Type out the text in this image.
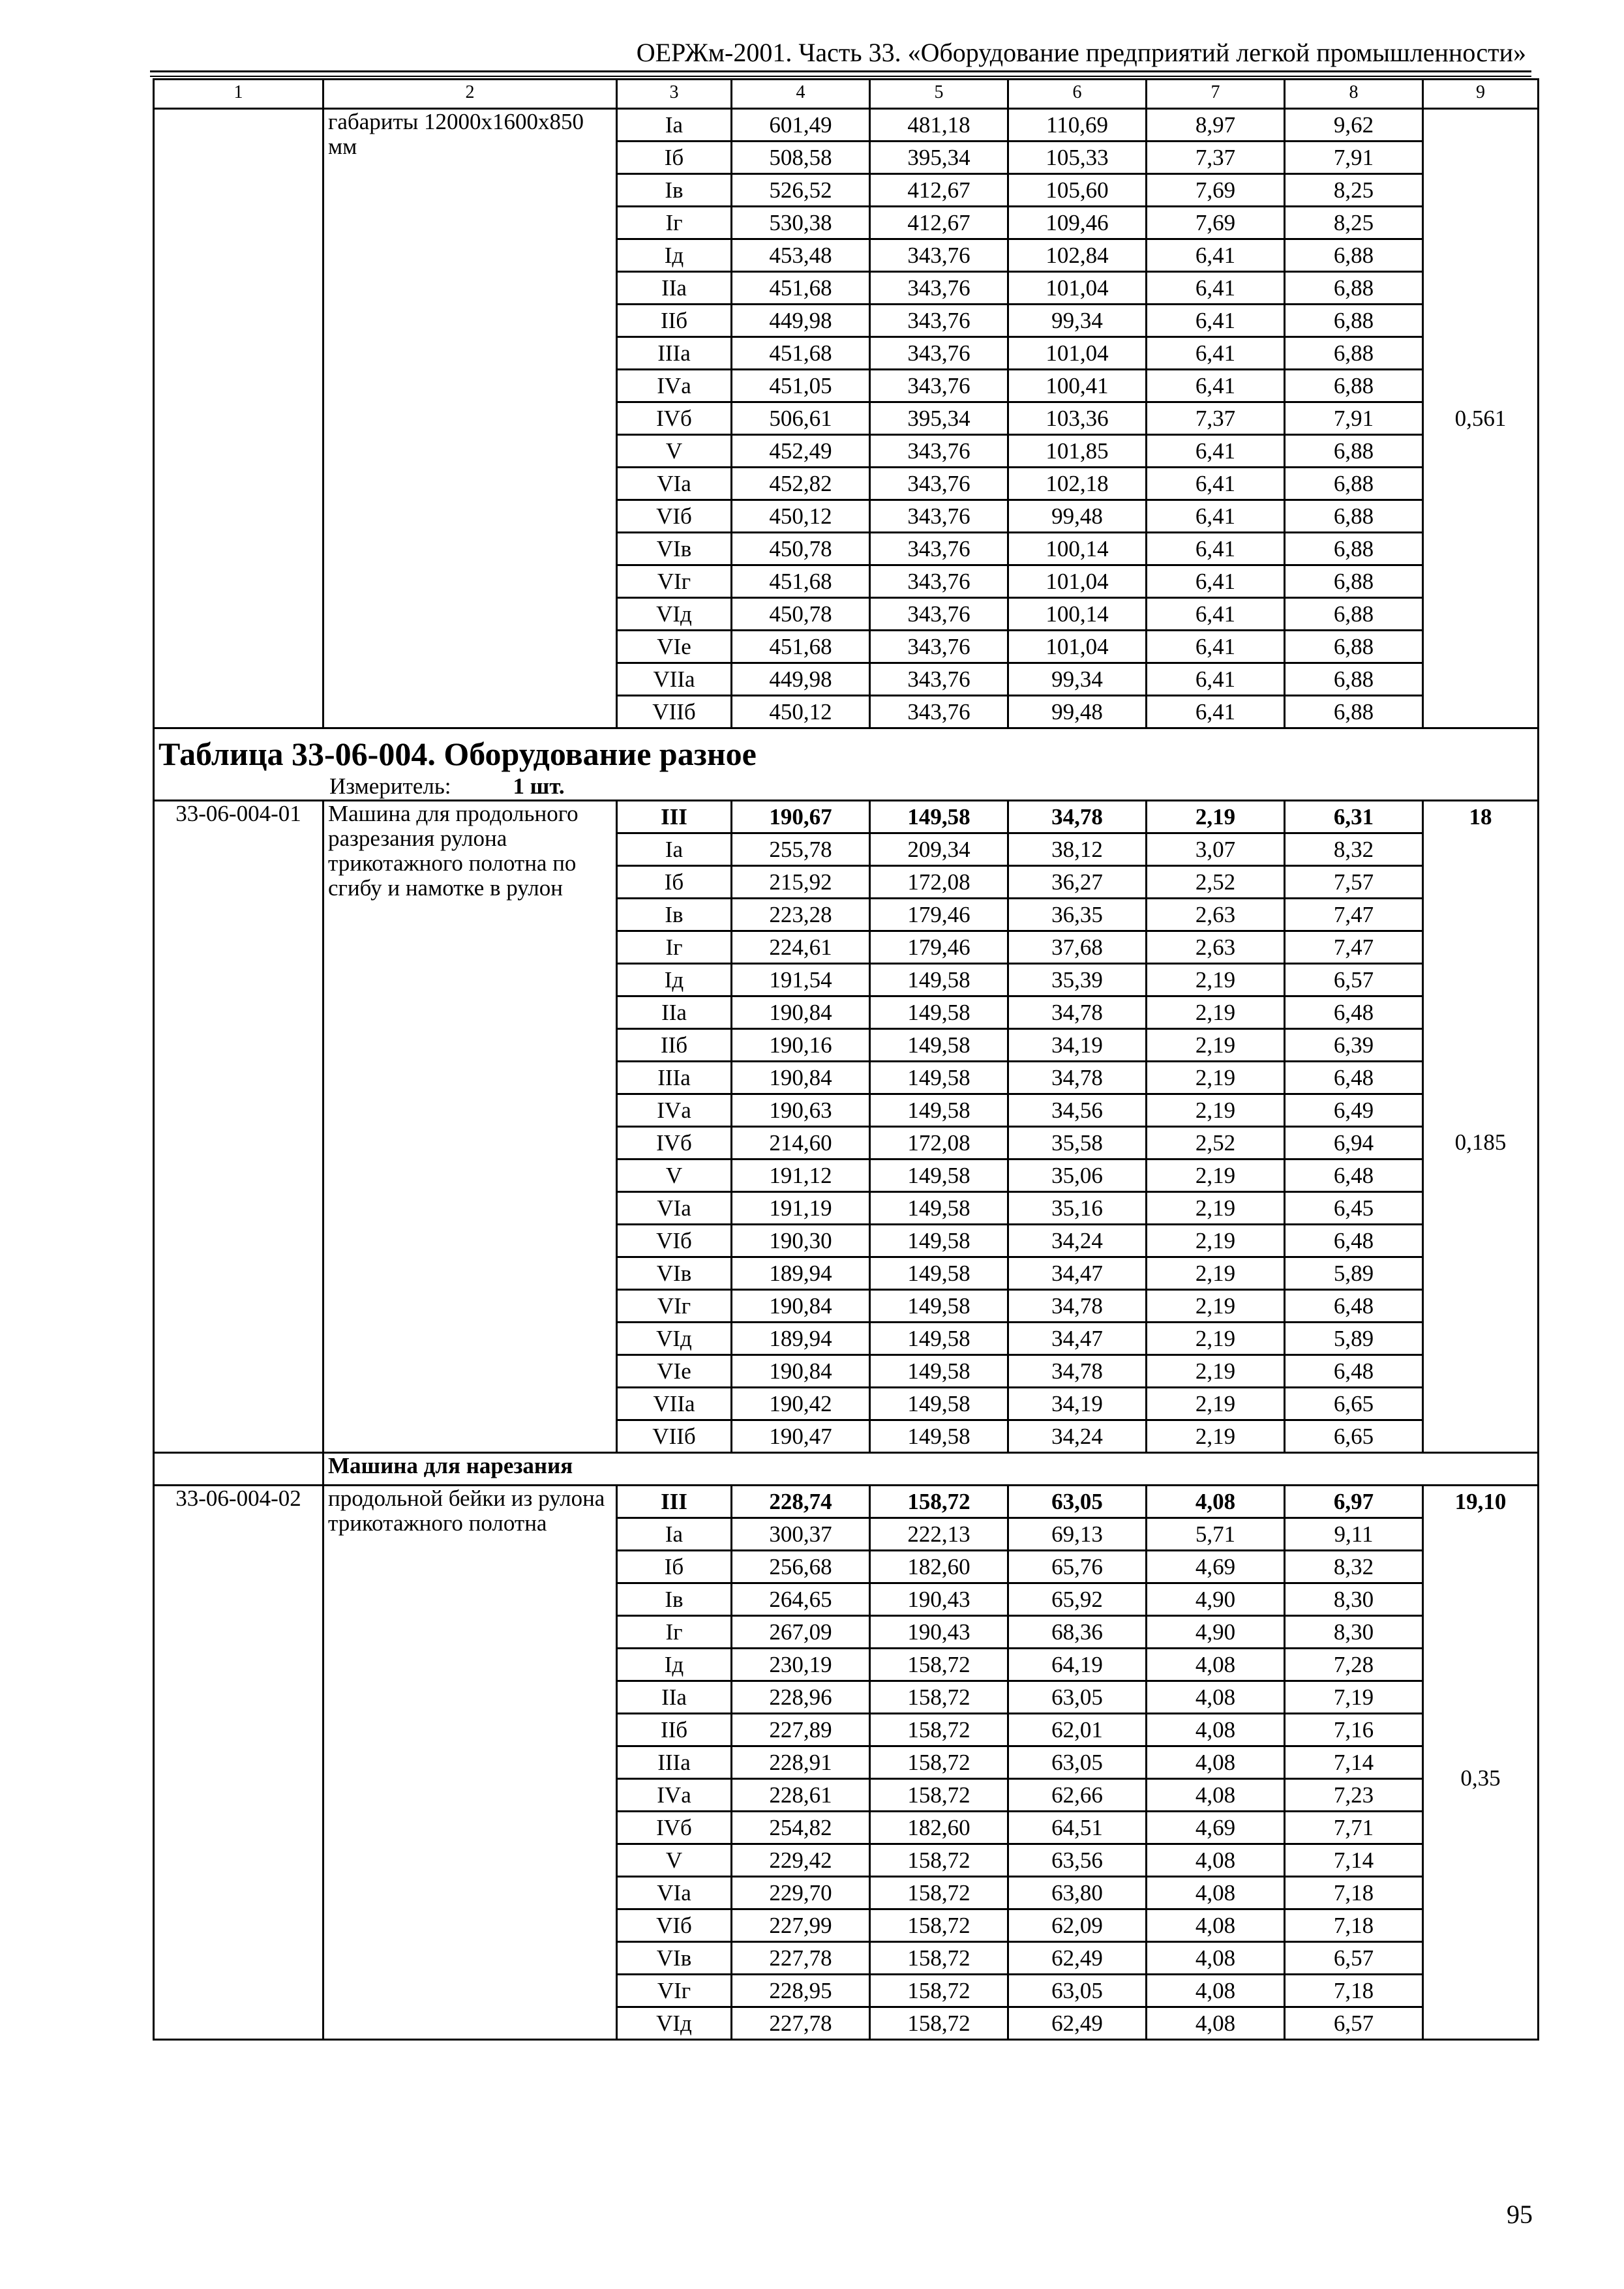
ОЕРЖм-2001. Часть 33. «Оборудование предприятий легкой промышленности»
1	2	3	4	5	6	7	8	9
	габариты 12000х1600х850 мм	Iа	601,49	481,18	110,69	8,97	9,62	0,561
		Iб	508,58	395,34	105,33	7,37	7,91	
		Iв	526,52	412,67	105,60	7,69	8,25	
		Iг	530,38	412,67	109,46	7,69	8,25	
		Iд	453,48	343,76	102,84	6,41	6,88	
		IIа	451,68	343,76	101,04	6,41	6,88	
		IIб	449,98	343,76	99,34	6,41	6,88	
		IIIа	451,68	343,76	101,04	6,41	6,88	
		IVа	451,05	343,76	100,41	6,41	6,88	
		IVб	506,61	395,34	103,36	7,37	7,91	
		V	452,49	343,76	101,85	6,41	6,88	
		VIа	452,82	343,76	102,18	6,41	6,88	
		VIб	450,12	343,76	99,48	6,41	6,88	
		VIв	450,78	343,76	100,14	6,41	6,88	
		VIг	451,68	343,76	101,04	6,41	6,88	
		VIд	450,78	343,76	100,14	6,41	6,88	
		VIе	451,68	343,76	101,04	6,41	6,88	
		VIIа	449,98	343,76	99,34	6,41	6,88	
		VIIб	450,12	343,76	99,48	6,41	6,88	

Таблица 33-06-004. Оборудование разное
Измеритель: 1 шт.								

33-06-004-01	Машина для продольного разрезания рулона трикотажного полотна по сгибу и намотке в рулон	III	190,67	149,58	34,78	2,19	6,31	18
		Iа	255,78	209,34	38,12	3,07	8,32	0,185
		Iб	215,92	172,08	36,27	2,52	7,57	
		Iв	223,28	179,46	36,35	2,63	7,47	
		Iг	224,61	179,46	37,68	2,63	7,47	
		Iд	191,54	149,58	35,39	2,19	6,57	
		IIа	190,84	149,58	34,78	2,19	6,48	
		IIб	190,16	149,58	34,19	2,19	6,39	
		IIIа	190,84	149,58	34,78	2,19	6,48	
		IVа	190,63	149,58	34,56	2,19	6,49	
		IVб	214,60	172,08	35,58	2,52	6,94	
		V	191,12	149,58	35,06	2,19	6,48	
		VIа	191,19	149,58	35,16	2,19	6,45	
		VIб	190,30	149,58	34,24	2,19	6,48	
		VIв	189,94	149,58	34,47	2,19	5,89	
		VIг	190,84	149,58	34,78	2,19	6,48	
		VIд	189,94	149,58	34,47	2,19	5,89	
		VIе	190,84	149,58	34,78	2,19	6,48	
		VIIа	190,42	149,58	34,19	2,19	6,65	
		VIIб	190,47	149,58	34,24	2,19	6,65	
	Машина для нарезания							
33-06-004-02	продольной бейки из рулона трикотажного полотна	III	228,74	158,72	63,05	4,08	6,97	19,10
		Iа	300,37	222,13	69,13	5,71	9,11	0,35
		Iб	256,68	182,60	65,76	4,69	8,32	
		Iв	264,65	190,43	65,92	4,90	8,30	
		Iг	267,09	190,43	68,36	4,90	8,30	
		Iд	230,19	158,72	64,19	4,08	7,28	
		IIа	228,96	158,72	63,05	4,08	7,19	
		IIб	227,89	158,72	62,01	4,08	7,16	
		IIIа	228,91	158,72	63,05	4,08	7,14	
		IVа	228,61	158,72	62,66	4,08	7,23	
		IVб	254,82	182,60	64,51	4,69	7,71	
		V	229,42	158,72	63,56	4,08	7,14	
		VIа	229,70	158,72	63,80	4,08	7,18	
		VIб	227,99	158,72	62,09	4,08	7,18	
		VIв	227,78	158,72	62,49	4,08	6,57	
		VIг	228,95	158,72	63,05	4,08	7,18	
		VIд	227,78	158,72	62,49	4,08	6,57	
95
